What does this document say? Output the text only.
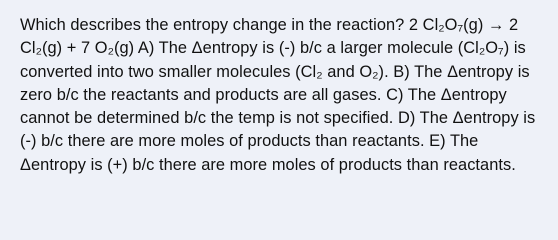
Which describes the entropy change in the reaction? 2 Cl₂O₇(g) → 2 Cl₂(g) + 7 O₂(g) A) The Δentropy is (-) b/c a larger molecule (Cl₂O₇) is converted into two smaller molecules (Cl₂ and O₂). B) The Δentropy is zero b/c the reactants and products are all gases. C) The Δentropy cannot be determined b/c the temp is not specified. D) The Δentropy is (-) b/c there are more moles of products than reactants. E) The Δentropy is (+) b/c there are more moles of products than reactants.
